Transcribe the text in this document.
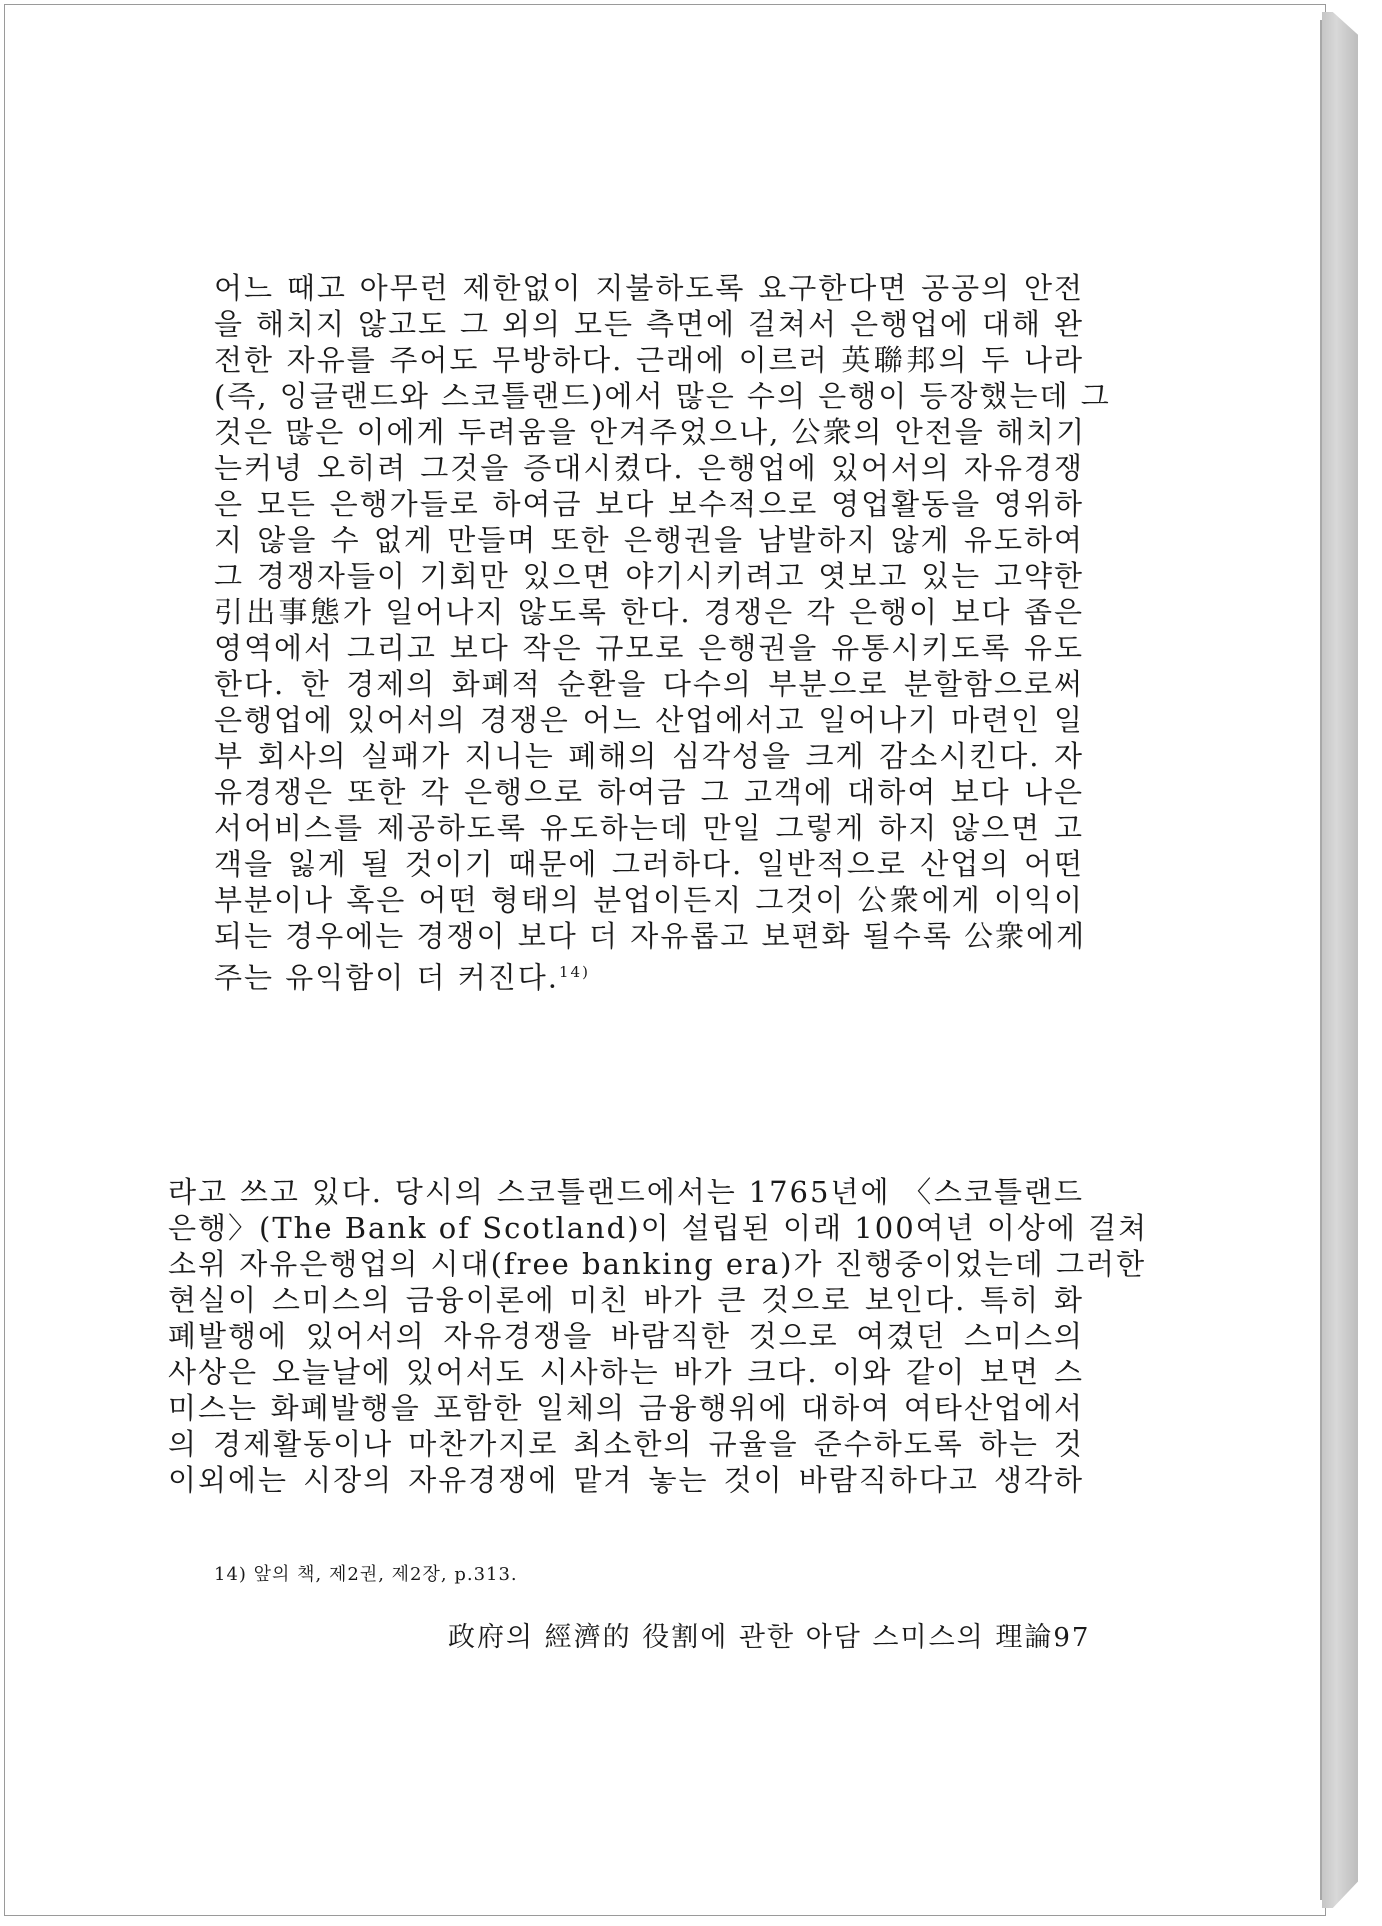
어느 때고 아무런 제한없이 지불하도록 요구한다면 공공의 안전
을 해치지 않고도 그 외의 모든 측면에 걸쳐서 은행업에 대해 완
전한 자유를 주어도 무방하다. 근래에 이르러 英聯邦의 두 나라
(즉, 잉글랜드와 스코틀랜드)에서 많은 수의 은행이 등장했는데 그
것은 많은 이에게 두려움을 안겨주었으나, 公衆의 안전을 해치기
는커녕 오히려 그것을 증대시켰다. 은행업에 있어서의 자유경쟁
은 모든 은행가들로 하여금 보다 보수적으로 영업활동을 영위하
지 않을 수 없게 만들며 또한 은행권을 남발하지 않게 유도하여
그 경쟁자들이 기회만 있으면 야기시키려고 엿보고 있는 고약한
引出事態가 일어나지 않도록 한다. 경쟁은 각 은행이 보다 좁은
영역에서 그리고 보다 작은 규모로 은행권을 유통시키도록 유도
한다. 한 경제의 화폐적 순환을 다수의 부분으로 분할함으로써
은행업에 있어서의 경쟁은 어느 산업에서고 일어나기 마련인 일
부 회사의 실패가 지니는 폐해의 심각성을 크게 감소시킨다. 자
유경쟁은 또한 각 은행으로 하여금 그 고객에 대하여 보다 나은
서어비스를 제공하도록 유도하는데 만일 그렇게 하지 않으면 고
객을 잃게 될 것이기 때문에 그러하다. 일반적으로 산업의 어떤
부분이나 혹은 어떤 형태의 분업이든지 그것이 公衆에게 이익이
되는 경우에는 경쟁이 보다 더 자유롭고 보편화 될수록 公衆에게
주는 유익함이 더 커진다.$^{14)}$
라고 쓰고 있다. 당시의 스코틀랜드에서는 1765년에 〈스코틀랜드
은행〉(The Bank of Scotland)이 설립된 이래 100여년 이상에 걸쳐
소위 자유은행업의 시대(free banking era)가 진행중이었는데 그러한
현실이 스미스의 금융이론에 미친 바가 큰 것으로 보인다. 특히 화
폐발행에 있어서의 자유경쟁을 바람직한 것으로 여겼던 스미스의
사상은 오늘날에 있어서도 시사하는 바가 크다. 이와 같이 보면 스
미스는 화폐발행을 포함한 일체의 금융행위에 대하여 여타산업에서
의 경제활동이나 마찬가지로 최소한의 규율을 준수하도록 하는 것
이외에는 시장의 자유경쟁에 맡겨 놓는 것이 바람직하다고 생각하
14) 앞의 책, 제2권, 제2장, p.313.
政府의 經濟的 役割에 관한 아담 스미스의 理論 97
